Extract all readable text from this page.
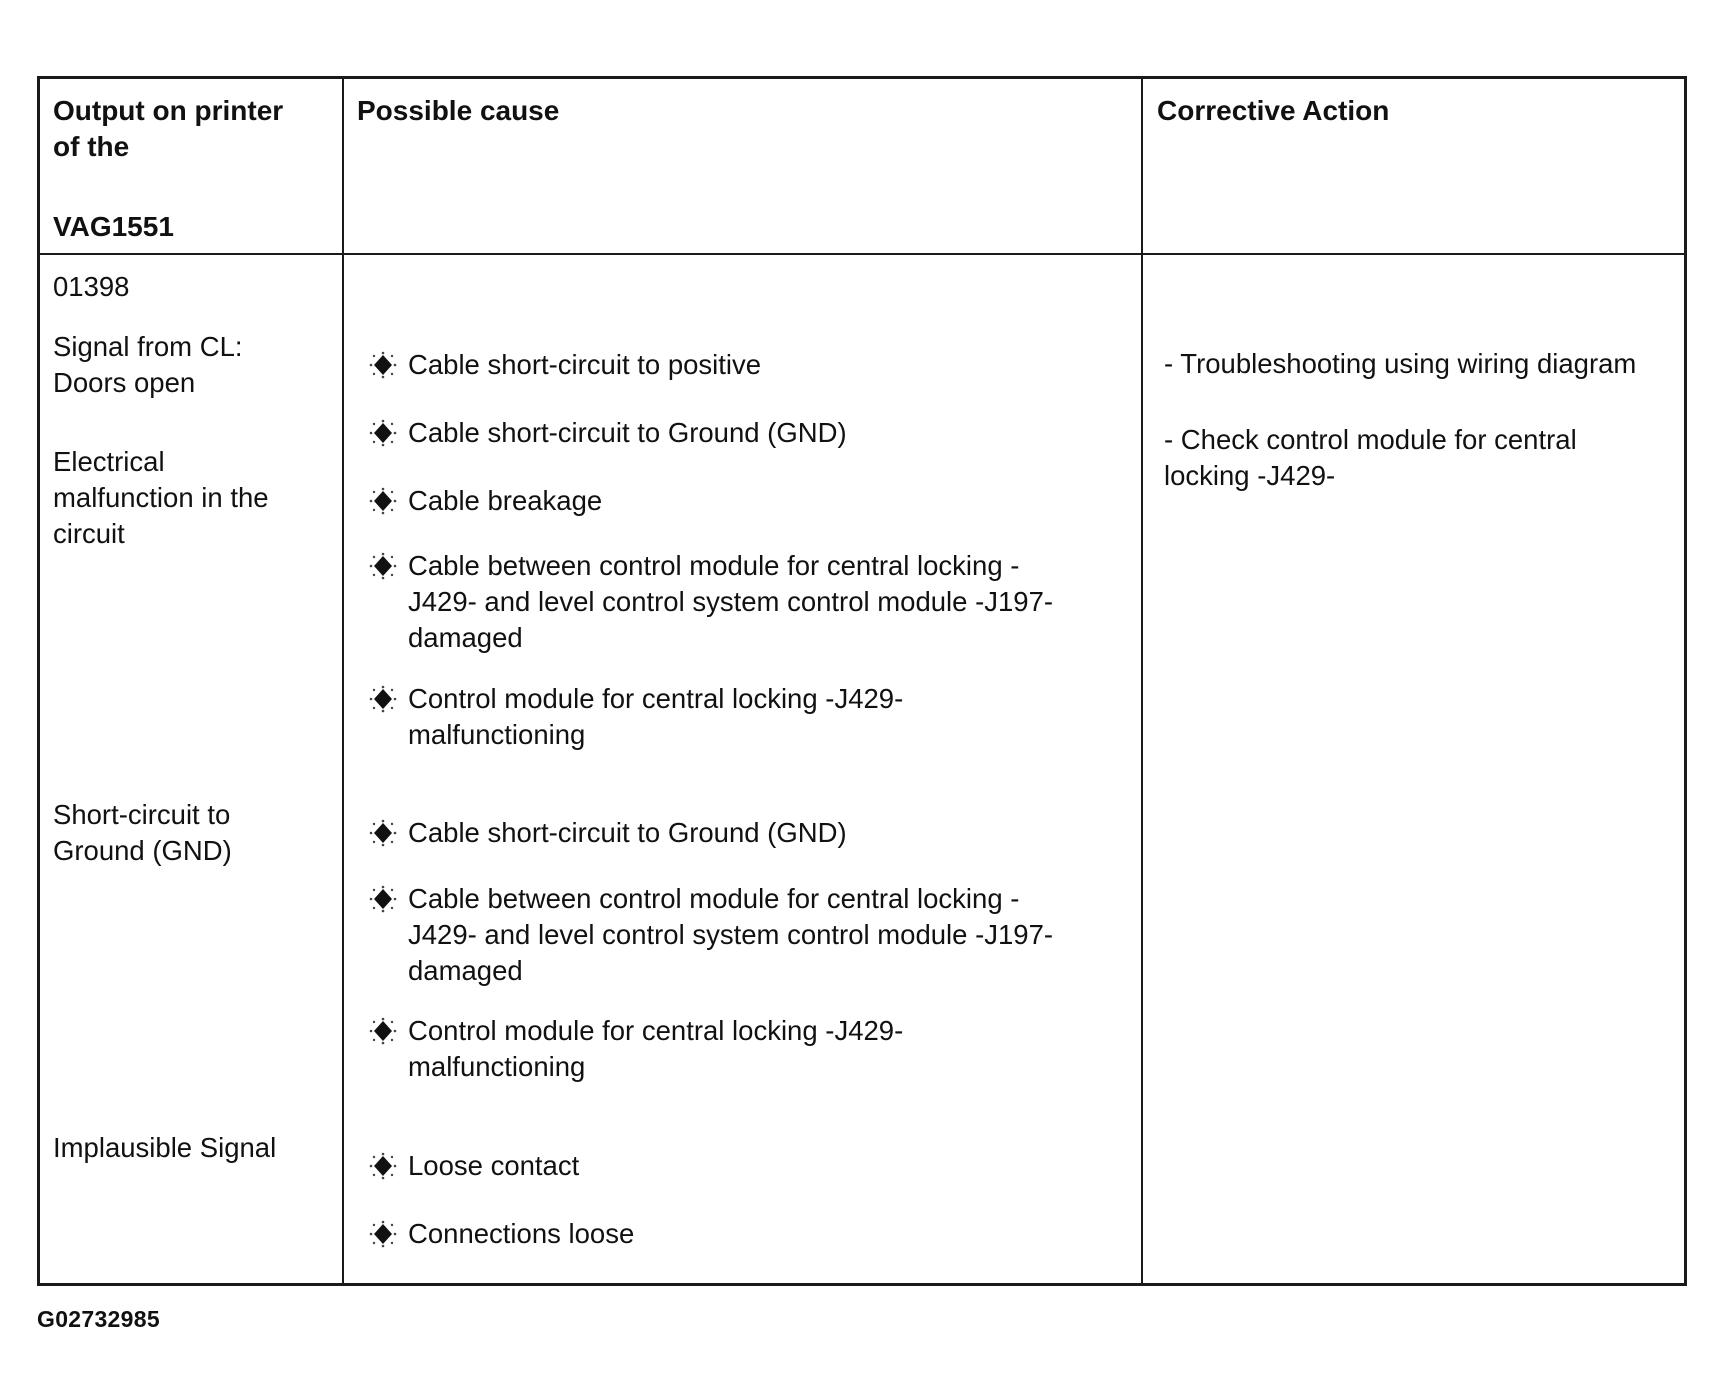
Output on printer
of the
VAG1551
Possible cause	Corrective Action
01398
Signal from CL:
Doors open
Electrical
malfunction in the
circuit
Short-circuit to
Ground (GND)
Implausible Signal
Cable short-circuit to positive
Cable short-circuit to Ground (GND)
Cable breakage
Cable between control module for central locking -
J429- and level control system control module -J197-
damaged
Control module for central locking -J429-
malfunctioning
Cable short-circuit to Ground (GND)
Cable between control module for central locking -
J429- and level control system control module -J197-
damaged
Control module for central locking -J429-
malfunctioning
Loose contact
Connections loose
- Troubleshooting using wiring diagram
- Check control module for central
locking -J429-
G02732985
